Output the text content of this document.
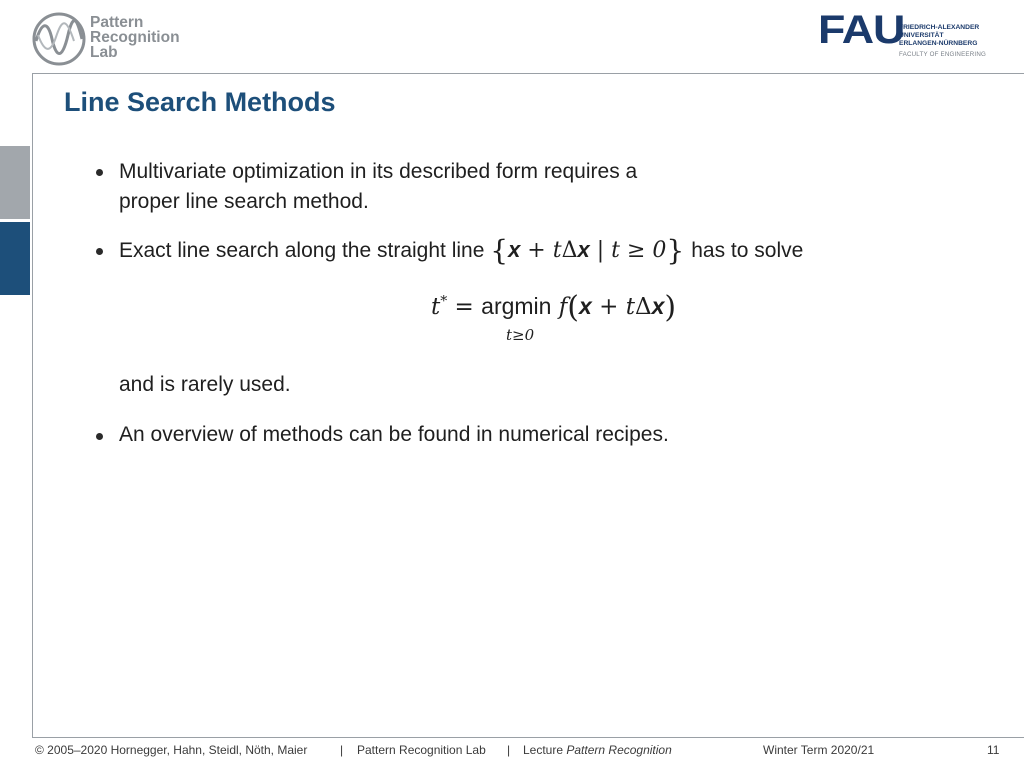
Pattern
Recognition
Lab
FAU
FRIEDRICH-ALEXANDER
UNIVERSITÄT
ERLANGEN-NÜRNBERG
FACULTY OF ENGINEERING
Line Search Methods
Multivariate optimization in its described form requires a
proper line search method.
Exact line search along the straight line {x + tΔx | t ≥ 0} has to solve
t* = argmin f(x + tΔx)
t≥0
and is rarely used.
An overview of methods can be found in numerical recipes.
© 2005–2020 Hornegger, Hahn, Steidl, Nöth, Maier	| Pattern Recognition Lab | Lecture Pattern Recognition	Winter Term 2020/21	11
